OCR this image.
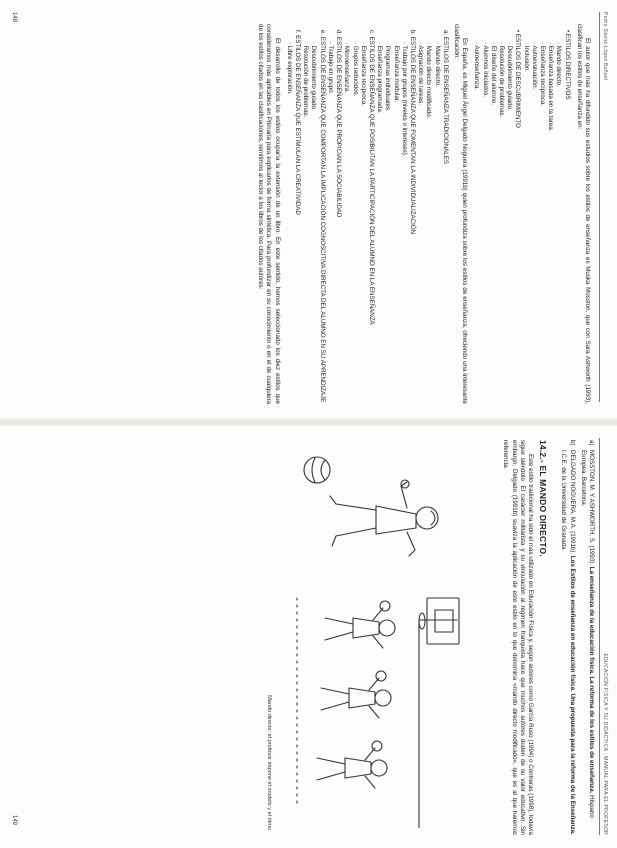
Pedro Sáenz-López Buñuel

El autor que más ha difundido sus estudios sobre los estilos de enseñanza es Muska Mosston, que con Sara Ashworth (1993), clasifican los estilos de enseñanza en:

• ESTILOS DIRECTIVOS
· Mando directo.
· Enseñanza basada en la tarea.
· Enseñanza recíproca.
· Autoevaluación.
· Inclusión.
• ESTILOS DE DESCUBRIMIENTO
· Descubrimiento guiado.
· Resolución de problemas.
· El diseño del alumno.
· Alumnos iniciados.
· Autoenseñanza.

En España, es Miguel Ángel Delgado Noguera (1991b) quien profundiza sobre los estilos de enseñanza, ofreciendo una interesante clasificación:

a. ESTILOS DE ENSEÑANZA TRADICIONALES
· Mando directo.
· Mando directo modificado.
· Asignación de tareas.
b. ESTILOS DE ENSEÑANZA QUE FOMENTAN LA INDIVIDUALIZACIÓN
· Trabajo por grupos (niveles o intereses).
· Enseñanza modular.
· Programas individuales.
· Enseñanza programada.
c. ESTILOS DE ENSEÑANZA QUE POSIBILITAN LA PARTICIPACIÓN DEL ALUMNO EN LA ENSEÑANZA
· Enseñanza recíproca.
· Grupos reducidos.
· Microenseñanza.
d. ESTILOS DE ENSEÑANZA QUE PROPICIAN LA SOCIABILIDAD
· Trabajo en grupo.
e. ESTILOS DE ENSEÑANZA QUE COMPORTAN LA IMPLICACIÓN COGNOSCITIVA DIRECTA DEL ALUMNO EN SU APRENDIZAJE
· Descubrimiento guiado.
· Resolución de problemas.
f. ESTILOS DE ENSEÑANZA QUE ESTIMULAN LA CREATIVIDAD
· Libre exploración.

El desarrollo de todos los estilos ocuparía la extensión de un libro. En este sentido, hemos seleccionado los diez estilos que consideramos más aplicables en Primaria para explicarlos de forma sintética. Para profundizar en su conocimiento o en el de cualquiera de los estilos citados en las clasificaciones, remitimos al lector a los libros de los citados autores:

148
EDUCACIÓN FÍSICA Y SU DIDÁCTICA · MANUAL PARA EL PROFESOR
a)
MOSSTON, M. Y ASHWORTH, S. (1993). La enseñanza de la educación física. La reforma de los estilos de enseñanza. Hispano Europea. Barcelona.
b)
DELGADO NOGUERA, M.A. (1991b). Los Estilos de enseñanza en educación física. Una propuesta para la reforma de la Enseñanza. I.C.E. de la Universidad de Granada.
14.2.- EL MANDO DIRECTO.

Este estilo tradicional ha sido el más utilizado en Educación Física y, según autores como García Ruso (1994) o Contreras (1998), todavía sigue siéndolo. El carácter militarista y su vinculación al régimen franquista hace que muchos autores duden de su valor educativo. Sin embargo, Delgado (1991b) suaviza la aplicación de este estilo en lo que denomina «mando directo modificado», que es al que haremos referencia.

Mando directo: el profesor impone el modelo y el ritmo
149
